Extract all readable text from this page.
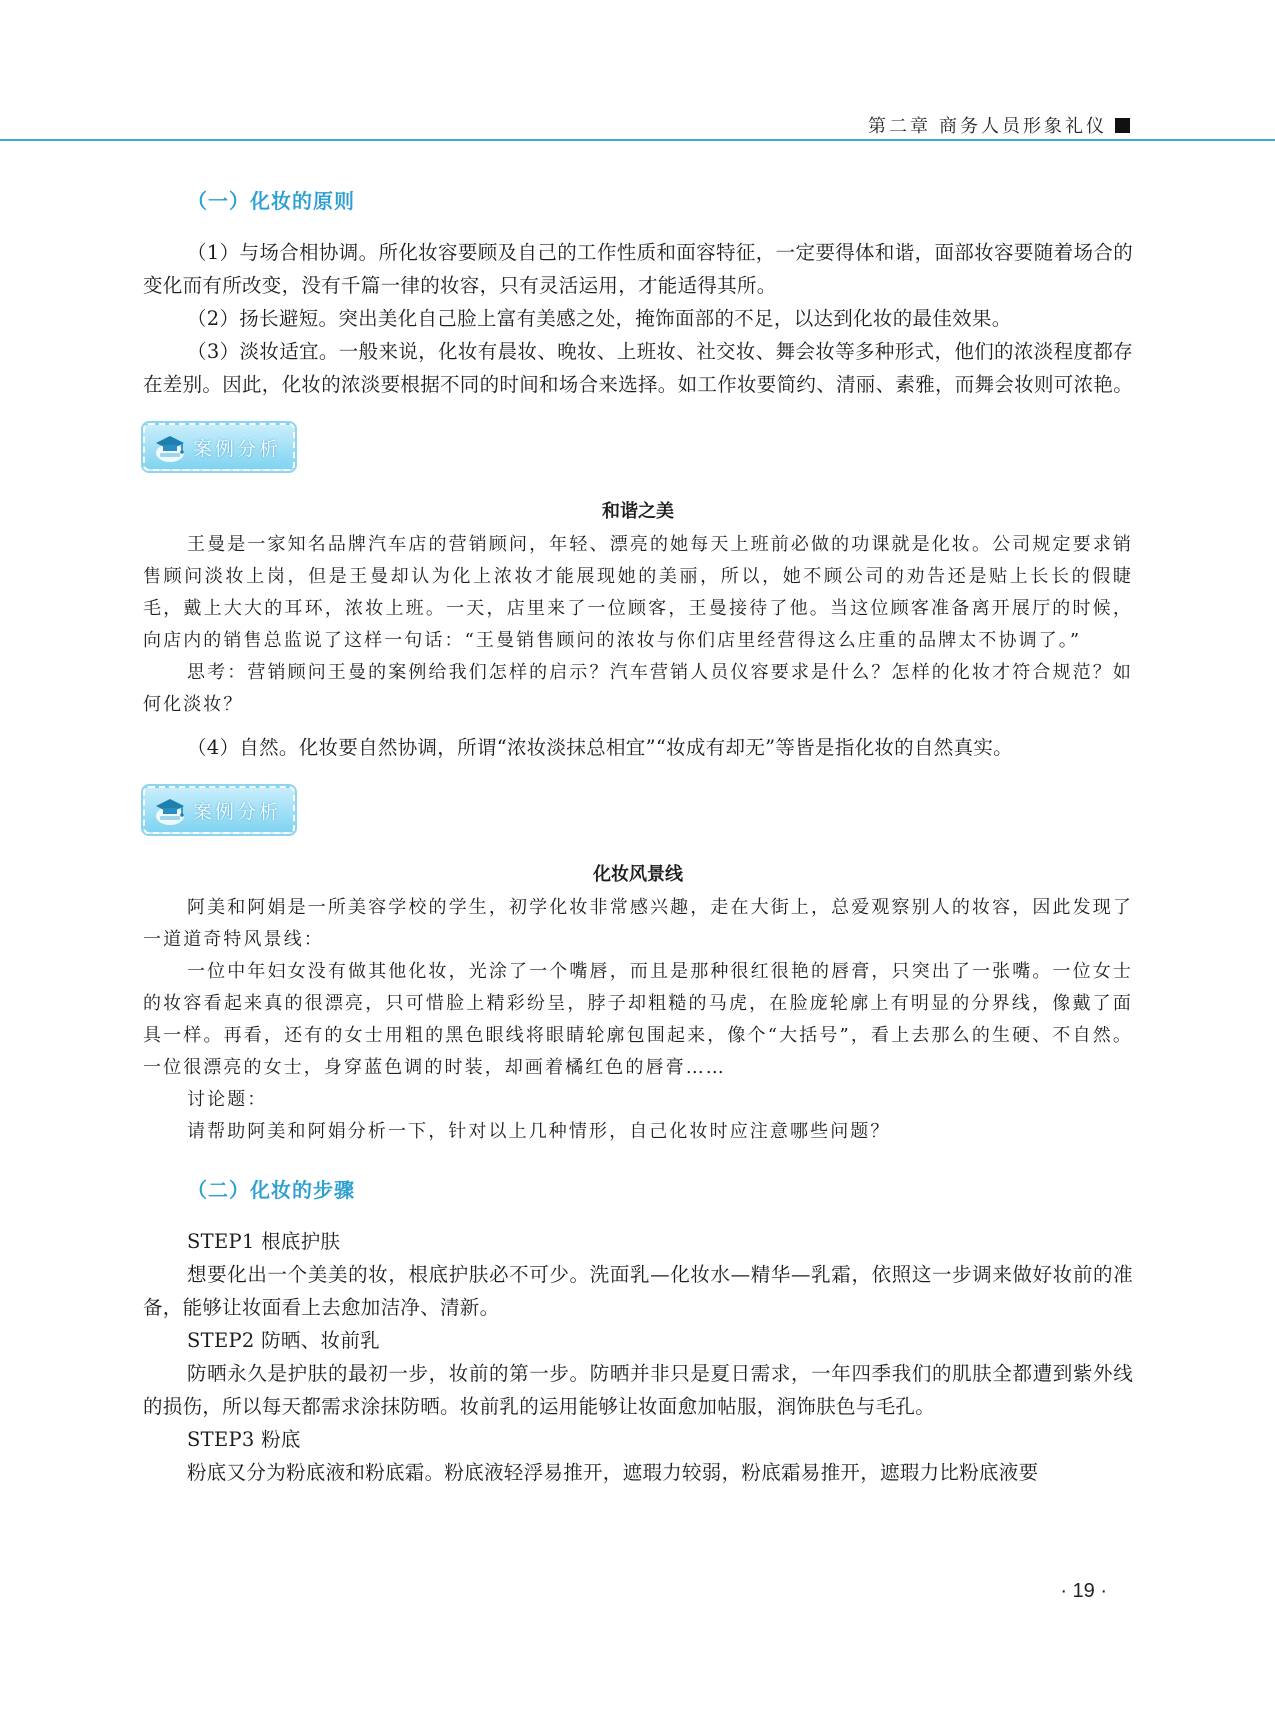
第二章 商务人员形象礼仪
（一）化妆的原则

（1）与场合相协调。所化妆容要顾及自己的工作性质和面容特征，一定要得体和谐，面部妆容要随着场合的变化而有所改变，没有千篇一律的妆容，只有灵活运用，才能适得其所。

（2）扬长避短。突出美化自己脸上富有美感之处，掩饰面部的不足，以达到化妆的最佳效果。

（3）淡妆适宜。一般来说，化妆有晨妆、晚妆、上班妆、社交妆、舞会妆等多种形式，他们的浓淡程度都存在差别。因此，化妆的浓淡要根据不同的时间和场合来选择。如工作妆要简约、清丽、素雅，而舞会妆则可浓艳。

案例分析
和谐之美

王曼是一家知名品牌汽车店的营销顾问，年轻、漂亮的她每天上班前必做的功课就是化妆。公司规定要求销售顾问淡妆上岗，但是王曼却认为化上浓妆才能展现她的美丽，所以，她不顾公司的劝告还是贴上长长的假睫毛，戴上大大的耳环，浓妆上班。一天，店里来了一位顾客，王曼接待了他。当这位顾客准备离开展厅的时候，向店内的销售总监说了这样一句话：“王曼销售顾问的浓妆与你们店里经营得这么庄重的品牌太不协调了。”

思考：营销顾问王曼的案例给我们怎样的启示？汽车营销人员仪容要求是什么？怎样的化妆才符合规范？如何化淡妆？

（4）自然。化妆要自然协调，所谓“浓妆淡抹总相宜”“妆成有却无”等皆是指化妆的自然真实。

案例分析
化妆风景线

阿美和阿娟是一所美容学校的学生，初学化妆非常感兴趣，走在大街上，总爱观察别人的妆容，因此发现了一道道奇特风景线：

一位中年妇女没有做其他化妆，光涂了一个嘴唇，而且是那种很红很艳的唇膏，只突出了一张嘴。一位女士的妆容看起来真的很漂亮，只可惜脸上精彩纷呈，脖子却粗糙的马虎，在脸庞轮廓上有明显的分界线，像戴了面具一样。再看，还有的女士用粗的黑色眼线将眼睛轮廓包围起来，像个“大括号”，看上去那么的生硬、不自然。一位很漂亮的女士，身穿蓝色调的时装，却画着橘红色的唇膏……

讨论题：

请帮助阿美和阿娟分析一下，针对以上几种情形，自己化妆时应注意哪些问题？

（二）化妆的步骤

STEP1 根底护肤

想要化出一个美美的妆，根底护肤必不可少。洗面乳—化妆水—精华—乳霜，依照这一步调来做好妆前的准备，能够让妆面看上去愈加洁净、清新。

STEP2 防晒、妆前乳

防晒永久是护肤的最初一步，妆前的第一步。防晒并非只是夏日需求，一年四季我们的肌肤全都遭到紫外线的损伤，所以每天都需求涂抹防晒。妆前乳的运用能够让妆面愈加帖服，润饰肤色与毛孔。

STEP3 粉底

粉底又分为粉底液和粉底霜。粉底液轻浮易推开，遮瑕力较弱，粉底霜易推开，遮瑕力比粉底液要

· 19 ·
